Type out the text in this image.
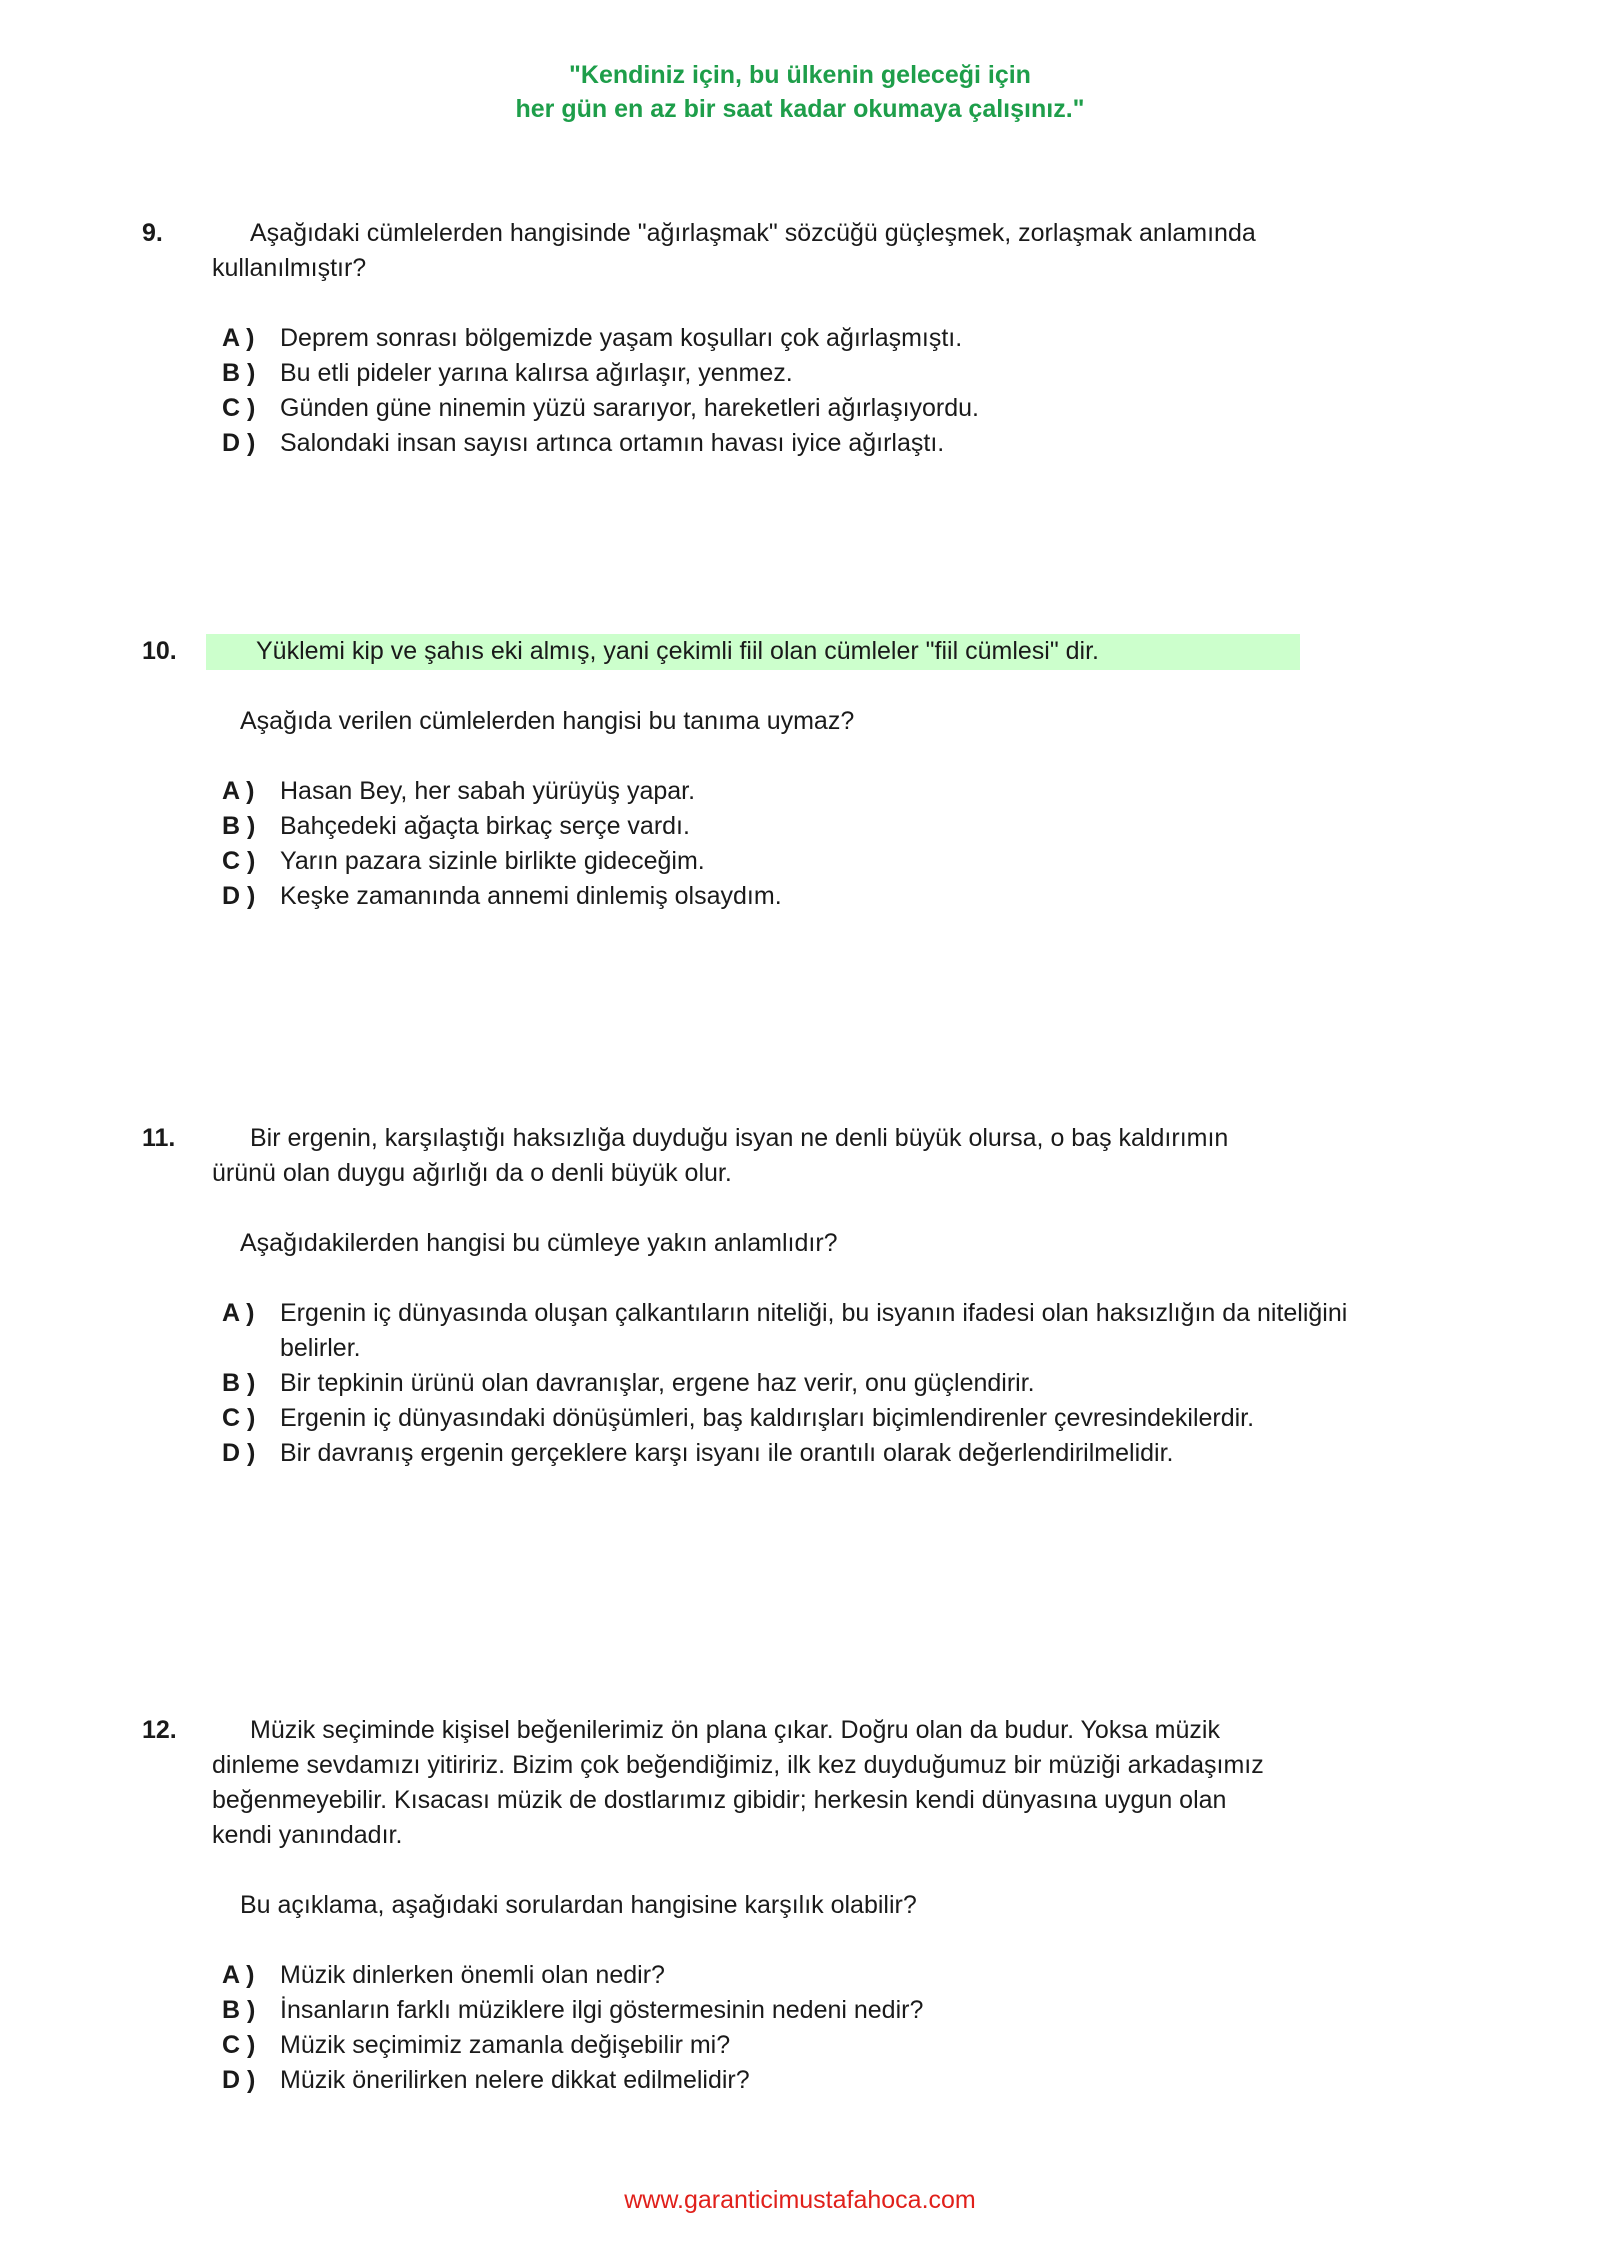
"Kendiniz için, bu ülkenin geleceği için
her gün en az bir saat kadar okumaya çalışınız."
9.	Aşağıdaki cümlelerden hangisinde "ağırlaşmak" sözcüğü güçleşmek, zorlaşmak anlamında

kullanılmıştır?

A )	Deprem sonrası bölgemizde yaşam koşulları çok ağırlaşmıştı.
B ) Bu etli pideler yarına kalırsa ağırlaşır, yenmez.
C ) Günden güne ninemin yüzü sararıyor, hareketleri ağırlaşıyordu.
D ) Salondaki insan sayısı artınca ortamın havası iyice ağırlaştı.
10.	Yüklemi kip ve şahıs eki almış, yani çekimli fiil olan cümleler "fiil cümlesi" dir.

Aşağıda verilen cümlelerden hangisi bu tanıma uymaz?
A )	Hasan Bey, her sabah yürüyüş yapar.
B ) Bahçedeki ağaçta birkaç serçe vardı.
C ) Yarın pazara sizinle birlikte gideceğim.
D ) Keşke zamanında annemi dinlemiş olsaydım.
11.	Bir ergenin, karşılaştığı haksızlığa duyduğu isyan ne denli büyük olursa, o baş kaldırımın

ürünü olan duygu ağırlığı da o denli büyük olur.

Aşağıdakilerden hangisi bu cümleye yakın anlamlıdır?
A )	Ergenin iç dünyasında oluşan çalkantıların niteliği, bu isyanın ifadesi olan haksızlığın da niteliğini belirler.
B ) Bir tepkinin ürünü olan davranışlar, ergene haz verir, onu güçlendirir.
C ) Ergenin iç dünyasındaki dönüşümleri, baş kaldırışları biçimlendirenler çevresindekilerdir.
D ) Bir davranış ergenin gerçeklere karşı isyanı ile orantılı olarak değerlendirilmelidir.
12.	Müzik seçiminde kişisel beğenilerimiz ön plana çıkar. Doğru olan da budur. Yoksa müzik

dinleme sevdamızı yitiririz. Bizim çok beğendiğimiz, ilk kez duyduğumuz bir müziği arkadaşımız

beğenmeyebilir. Kısacası müzik de dostlarımız gibidir; herkesin kendi dünyasına uygun olan

kendi yanındadır.

Bu açıklama, aşağıdaki sorulardan hangisine karşılık olabilir?
A )	Müzik dinlerken önemli olan nedir?
B ) İnsanların farklı müziklere ilgi göstermesinin nedeni nedir?
C ) Müzik seçimimiz zamanla değişebilir mi?
D ) Müzik önerilirken nelere dikkat edilmelidir?
www.garanticimustafahoca.com
